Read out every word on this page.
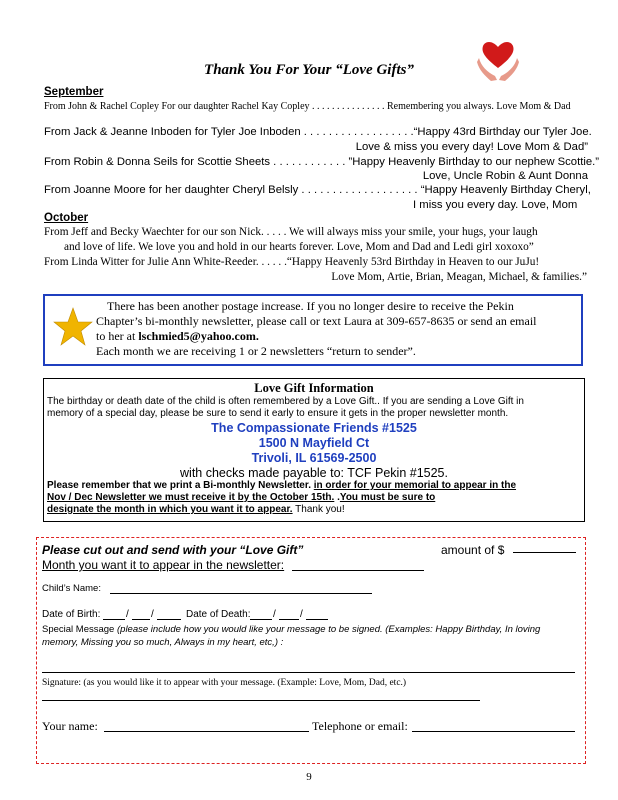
Thank You For Your “Love Gifts”
September
From John & Rachel Copley For our daughter Rachel Kay Copley . . . . . . . . . . . . . . . Remembering you always. Love Mom & Dad
From Jack & Jeanne Inboden for Tyler Joe Inboden . . . . . . . . . . . . . . . . . .“Happy 43rd Birthday our Tyler Joe.
Love & miss you every day! Love Mom & Dad”
From Robin & Donna Seils for Scottie Sheets . . . . . . . . . . . . ”Happy Heavenly Birthday to our nephew Scottie.”
Love, Uncle Robin & Aunt Donna
From Joanne Moore for her daughter Cheryl Belsly . . . . . . . . . . . . . . . . . . . “Happy Heavenly Birthday Cheryl,
I miss you every day. Love, Mom
October
From Jeff and Becky Waechter for our son Nick. . . . . We will always miss your smile, your hugs, your laugh
and love of life. We love you and hold in our hearts forever. Love, Mom and Dad and Ledi girl xoxoxo”
From Linda Witter for Julie Ann White-Reeder. . . . . .“Happy Heavenly 53rd Birthday in Heaven to our JuJu!
Love Mom, Artie, Brian, Meagan, Michael, & families.”
There has been another postage increase. If you no longer desire to receive the Pekin
Chapter’s bi-monthly newsletter, please call or text Laura at 309-657-8635 or send an email
to her at lschmied5@yahoo.com.
Each month we are receiving 1 or 2 newsletters “return to sender”.
Love Gift Information
The birthday or death date of the child is often remembered by a Love Gift.. If you are sending a Love Gift in
memory of a special day, please be sure to send it early to ensure it gets in the proper newsletter month.
The Compassionate Friends #1525
1500 N Mayfield Ct
Trivoli, IL 61569-2500
with checks made payable to: TCF Pekin #1525.
Please remember that we print a Bi-monthly Newsletter. in order for your memorial to appear in the
Nov / Dec Newsletter we must receive it by the October 15th. .You must be sure to
designate the month in which you want it to appear. Thank you!
Please cut out and send with your “Love Gift”	amount of $
Month you want it to appear in the newsletter:
Child’s Name:
Date of Birth:	/ /	Date of Death: / /
Special Message (please include how you would like your message to be signed. (Examples: Happy Birthday, In loving
memory, Missing you so much, Always in my heart, etc,) :
Signature: (as you would like it to appear with your message. (Example: Love, Mom, Dad, etc.)
Your name:	Telephone or email:
9
